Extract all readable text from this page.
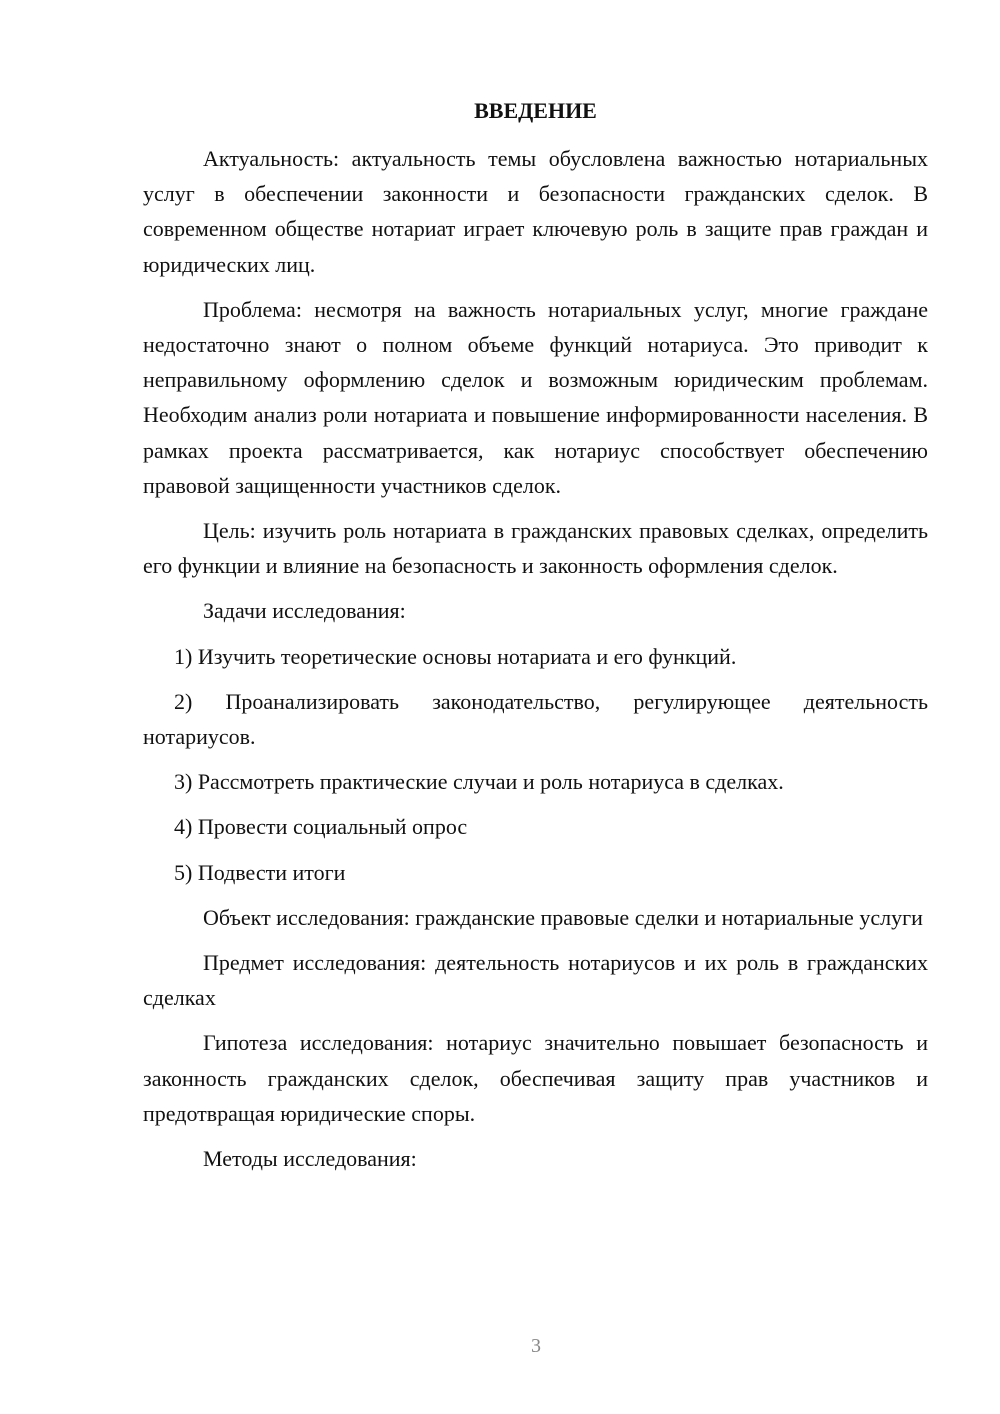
ВВЕДЕНИЕ

Актуальность: актуальность темы обусловлена важностью нотариальных услуг в обеспечении законности и безопасности гражданских сделок. В современном обществе нотариат играет ключевую роль в защите прав граждан и юридических лиц.

Проблема: несмотря на важность нотариальных услуг, многие граждане недостаточно знают о полном объеме функций нотариуса. Это приводит к неправильному оформлению сделок и возможным юридическим проблемам. Необходим анализ роли нотариата и повышение информированности населения. В рамках проекта рассматривается, как нотариус способствует обеспечению правовой защищенности участников сделок.

Цель: изучить роль нотариата в гражданских правовых сделках, определить его функции и влияние на безопасность и законность оформления сделок.

Задачи исследования:

1) Изучить теоретические основы нотариата и его функций.

2) Проанализировать законодательство, регулирующее деятельность нотариусов.

3) Рассмотреть практические случаи и роль нотариуса в сделках.

4) Провести социальный опрос

5) Подвести итоги

Объект исследования: гражданские правовые сделки и нотариальные услуги

Предмет исследования: деятельность нотариусов и их роль в гражданских сделках

Гипотеза исследования: нотариус значительно повышает безопасность и законность гражданских сделок, обеспечивая защиту прав участников и предотвращая юридические споры.

Методы исследования:

3
